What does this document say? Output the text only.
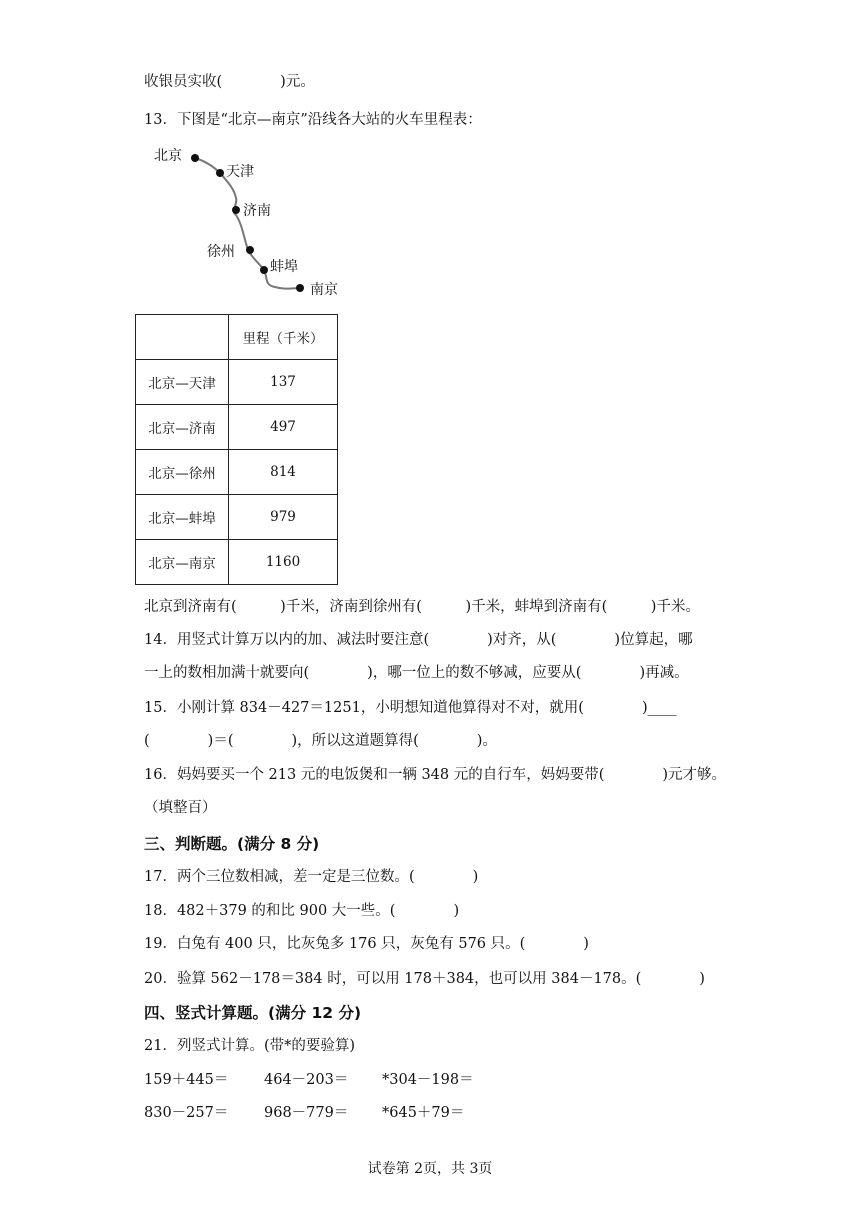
收银员实收(　　　　)元。
13．下图是“北京—南京”沿线各大站的火车里程表：
北京
天津
济南
徐州
蚌埠
南京
	里程（千米）
北京—天津	137
北京—济南	497
北京—徐州	814
北京—蚌埠	979
北京—南京	1160
北京到济南有(　　　)千米，济南到徐州有(　　　)千米，蚌埠到济南有(　　　)千米。
14．用竖式计算万以内的加、减法时要注意(　　　　)对齐，从(　　　　)位算起，哪
一上的数相加满十就要向(　　　　)，哪一位上的数不够减，应要从(　　　　)再减。
15．小刚计算 834－427＝1251，小明想知道他算得对不对，就用(　　　　)____
(　　　　)＝(　　　　)，所以这道题算得(　　　　)。
16．妈妈要买一个 213 元的电饭煲和一辆 348 元的自行车，妈妈要带(　　　　)元才够。
（填整百）
三、判断题。(满分 8 分)
17．两个三位数相减，差一定是三位数。(　　　　)
18．482＋379 的和比 900 大一些。(　　　　)
19．白兔有 400 只，比灰兔多 176 只，灰兔有 576 只。(　　　　)
20．验算 562－178＝384 时，可以用 178＋384，也可以用 384－178。(　　　　)
四、竖式计算题。(满分 12 分)
21．列竖式计算。(带*的要验算)
159＋445＝ 464－203＝ *304－198＝
830－257＝ 968－779＝ *645＋79＝
试卷第 2页，共 3页
